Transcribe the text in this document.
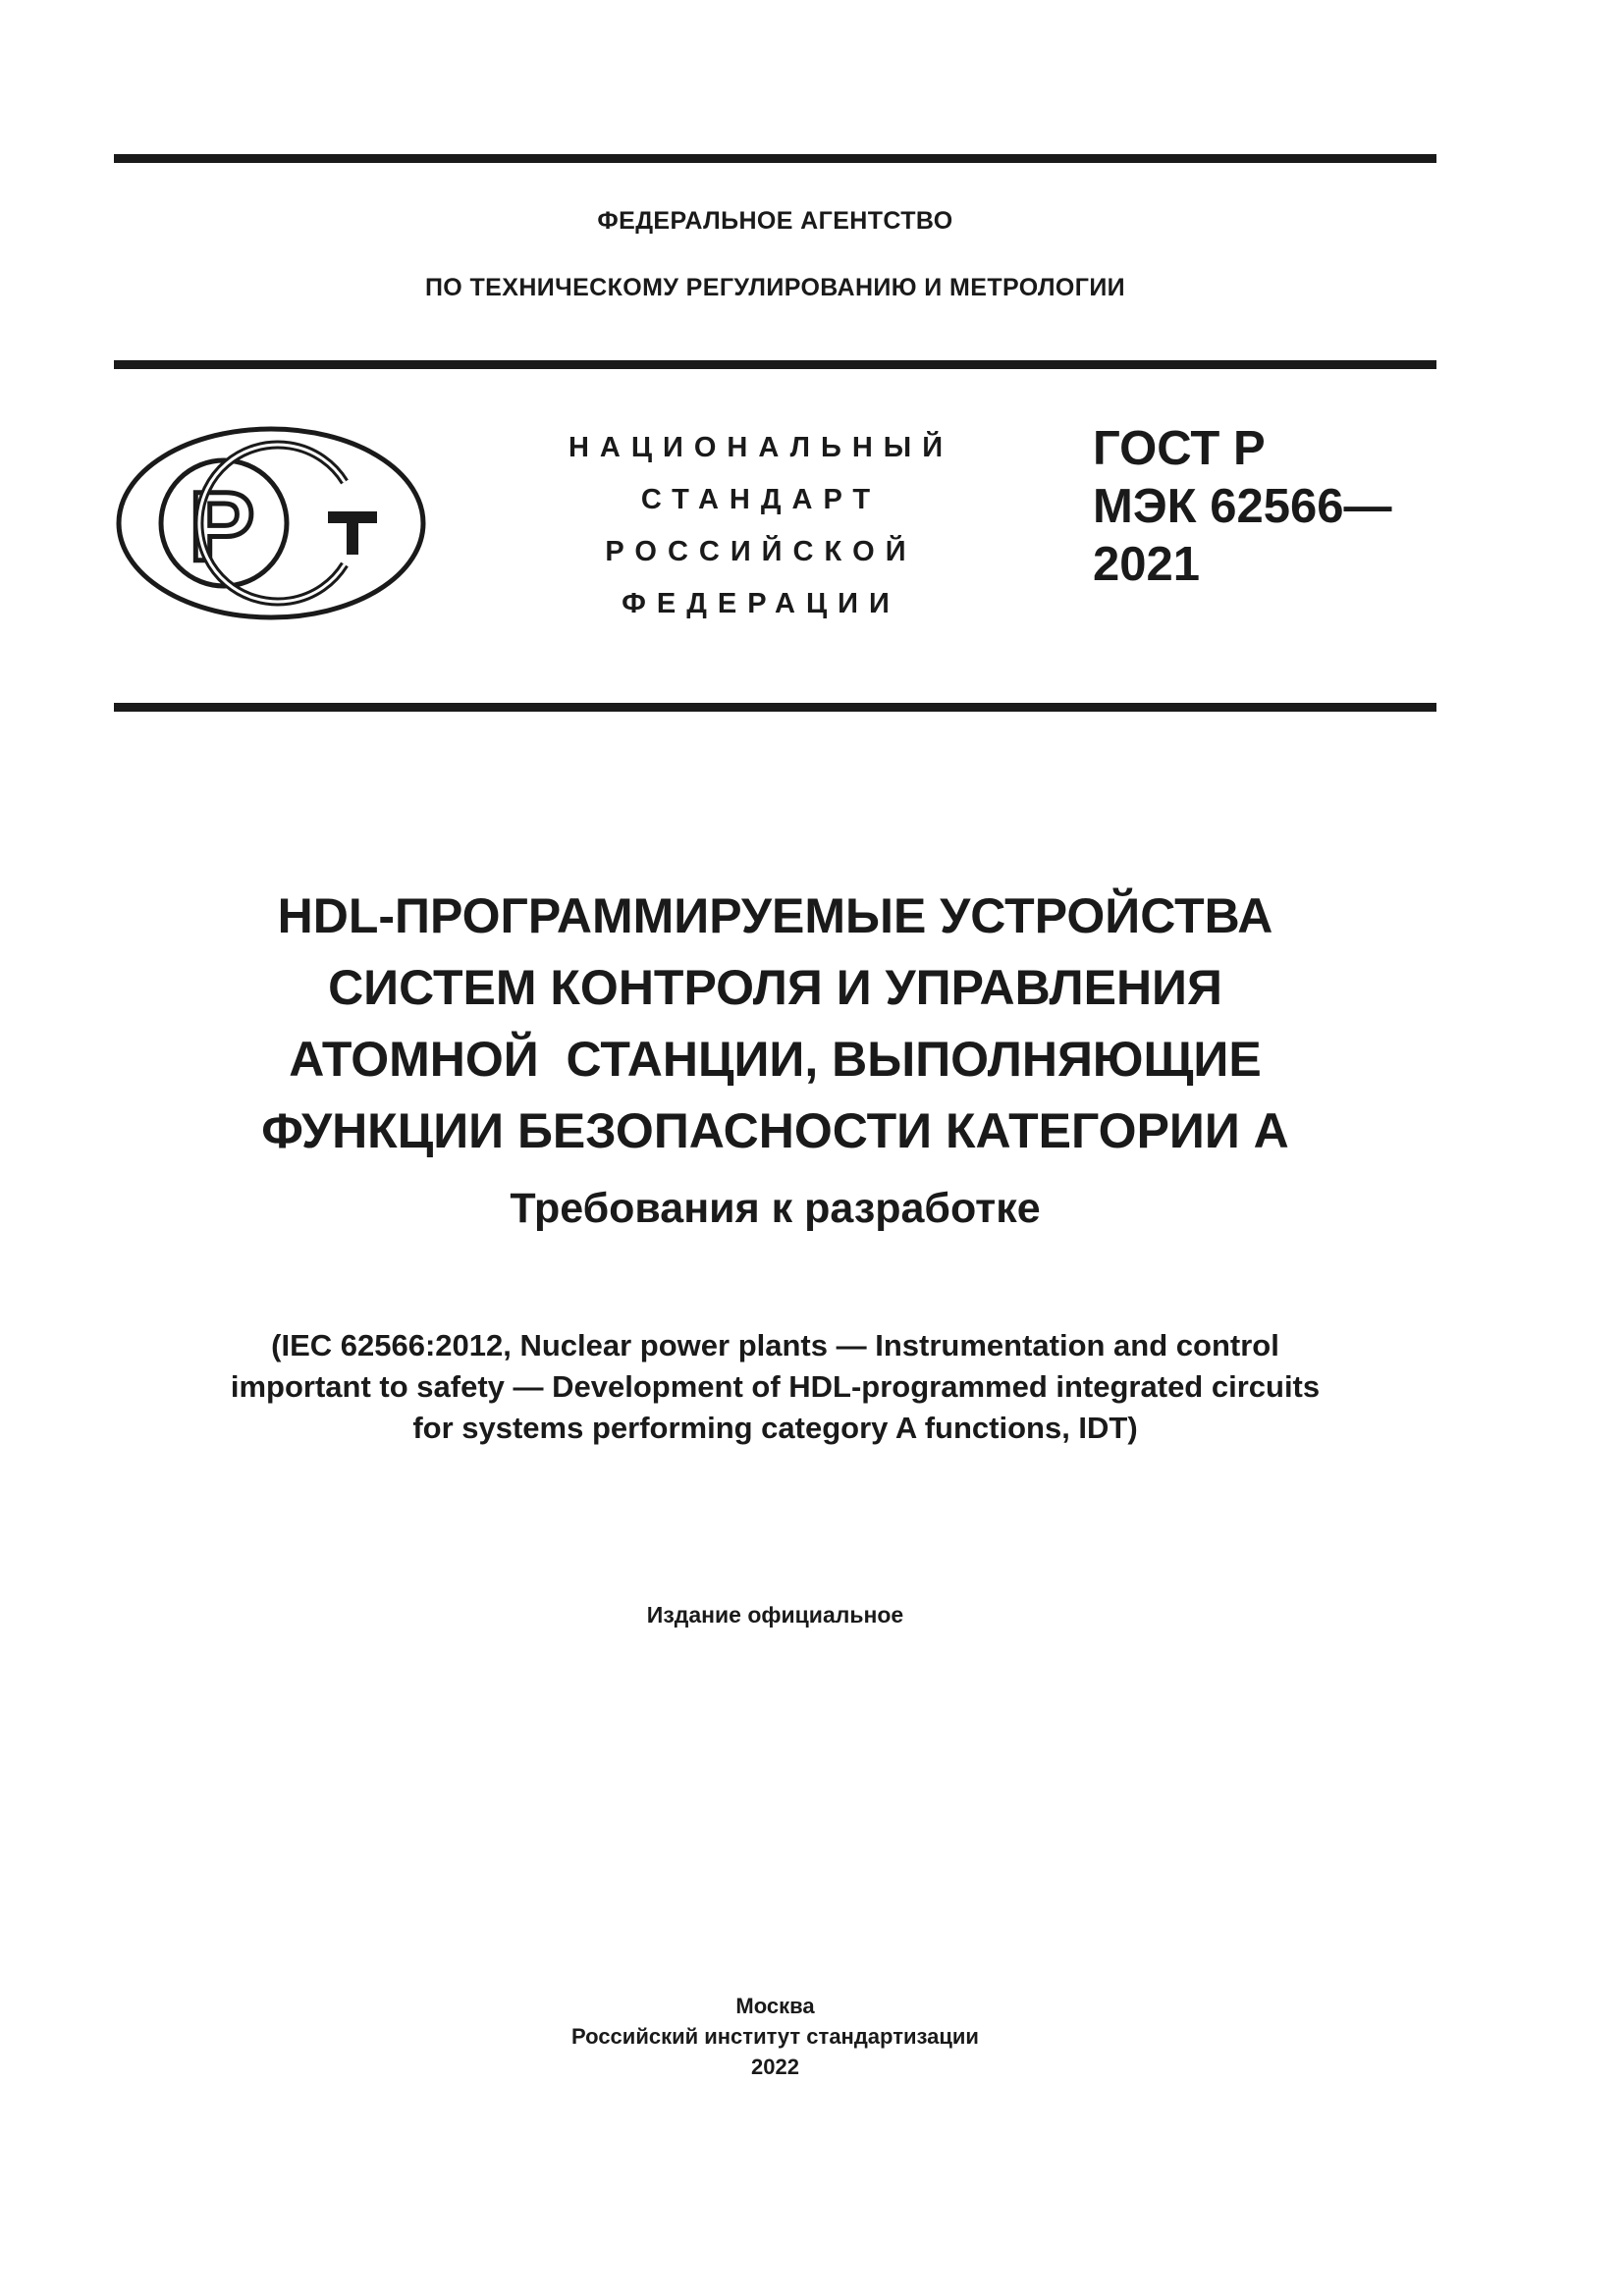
ФЕДЕРАЛЬНОЕ АГЕНТСТВО
ПО ТЕХНИЧЕСКОМУ РЕГУЛИРОВАНИЮ И МЕТРОЛОГИИ
Р
НАЦИОНАЛЬНЫЙ
СТАНДАРТ
РОССИЙСКОЙ
ФЕДЕРАЦИИ
ГОСТ Р
МЭК 62566—
2021
HDL-ПРОГРАММИРУЕМЫЕ УСТРОЙСТВА
СИСТЕМ КОНТРОЛЯ И УПРАВЛЕНИЯ
АТОМНОЙ  СТАНЦИИ, ВЫПОЛНЯЮЩИЕ
ФУНКЦИИ БЕЗОПАСНОСТИ КАТЕГОРИИ А
Требования к разработке
(IEC 62566:2012, Nuclear power plants — Instrumentation and control
important to safety — Development of HDL-programmed integrated circuits
for systems performing category A functions, IDT)
Издание официальное
Москва
Российский институт стандартизации
2022
